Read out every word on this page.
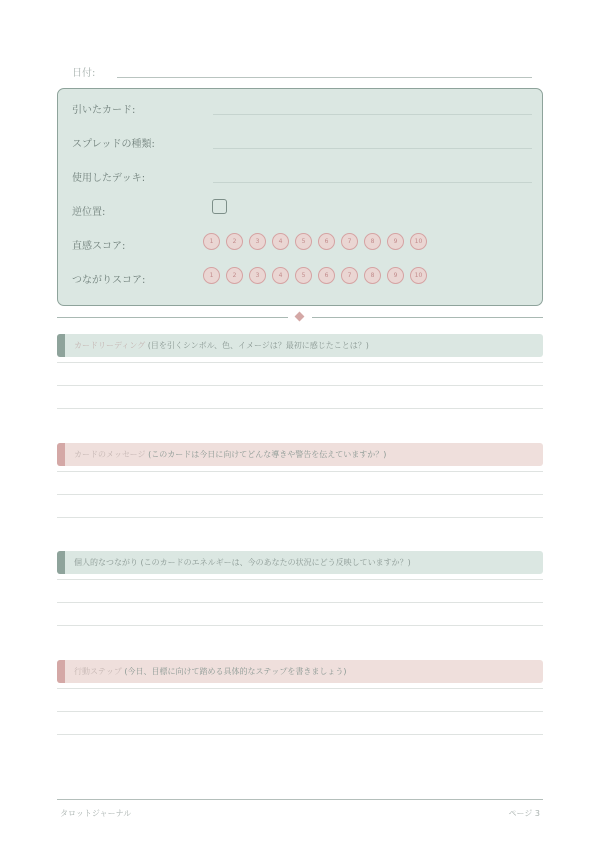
日付:
引いたカード:
スプレッドの種類:
使用したデッキ:
逆位置:
直感スコア:	1	2	3	4	5	6	7	8	9	10
つながりスコア:	1	2	3	4	5	6	7	8	9	10
カードリーディング (目を引くシンボル、色、イメージは？最初に感じたことは？)
カードのメッセージ (このカードは今日に向けてどんな導きや警告を伝えていますか？)
個人的なつながり (このカードのエネルギーは、今のあなたの状況にどう反映していますか？)
行動ステップ (今日、目標に向けて踏める具体的なステップを書きましょう)
タロットジャーナル	ページ 3
